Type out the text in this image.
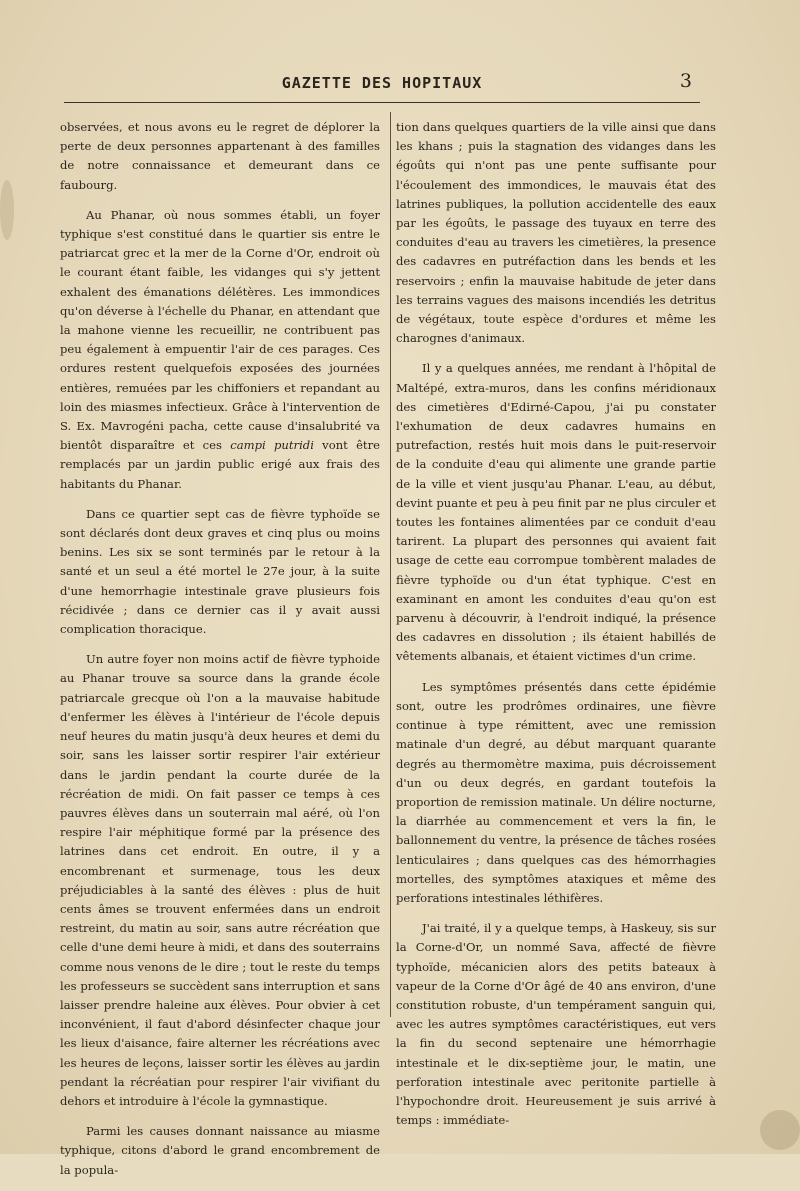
GAZETTE DES HOPITAUX	3

observées, et nous avons eu le regret de déplorer la perte de deux personnes appartenant à des familles de notre connaissance et demeurant dans ce faubourg.

Au Phanar, où nous sommes établi, un foyer typhique s'est constitué dans le quartier sis entre le patriarcat grec et la mer de la Corne d'Or, endroit où le courant étant faible, les vidanges qui s'y jettent exhalent des émanations délétères. Les immondices qu'on déverse à l'échelle du Phanar, en attendant que la mahone vienne les recueillir, ne contribuent pas peu également à empuentir l'air de ces parages. Ces ordures restent quelquefois exposées des journées entières, remuées par les chiffoniers et repandant au loin des miasmes infectieux. Grâce à l'intervention de S. Ex. Mavrogéni pacha, cette cause d'insalubrité va bientôt disparaître et ces campi putridi vont être remplacés par un jardin public erigé aux frais des habitants du Phanar.

Dans ce quartier sept cas de fièvre typhoïde se sont déclarés dont deux graves et cinq plus ou moins benins. Les six se sont terminés par le retour à la santé et un seul a été mortel le 27e jour, à la suite d'une hemorrhagie intestinale grave plusieurs fois récidivée ; dans ce dernier cas il y avait aussi complication thoracique.

Un autre foyer non moins actif de fièvre typhoide au Phanar trouve sa source dans la grande école patriarcale grecque où l'on a la mauvaise habitude d'enfermer les élèves à l'intérieur de l'école depuis neuf heures du matin jusqu'à deux heures et demi du soir, sans les laisser sortir respirer l'air extérieur dans le jardin pendant la courte durée de la récréation de midi. On fait passer ce temps à ces pauvres élèves dans un souterrain mal aéré, où l'on respire l'air méphitique formé par la présence des latrines dans cet endroit. En outre, il y a encombrenant et surmenage, tous les deux préjudiciables à la santé des élèves : plus de huit cents âmes se trouvent enfermées dans un endroit restreint, du matin au soir, sans autre récréation que celle d'une demi heure à midi, et dans des souterrains comme nous venons de le dire ; tout le reste du temps les professeurs se succèdent sans interruption et sans laisser prendre haleine aux élèves. Pour obvier à cet inconvénient, il faut d'abord désinfecter chaque jour les lieux d'aisance, faire alterner les récréations avec les heures de leçons, laisser sortir les élèves au jardin pendant la récréatian pour respirer l'air vivifiant du dehors et introduire à l'école la gymnastique.

Parmi les causes donnant naissance au miasme typhique, citons d'abord le grand encombrement de la popula-

tion dans quelques quartiers de la ville ainsi que dans les khans ; puis la stagnation des vidanges dans les égoûts qui n'ont pas une pente suffisante pour l'écoulement des immondices, le mauvais état des latrines publiques, la pollution accidentelle des eaux par les égoûts, le passage des tuyaux en terre des conduites d'eau au travers les cimetières, la presence des cadavres en putréfaction dans les bends et les reservoirs ; enfin la mauvaise habitude de jeter dans les terrains vagues des maisons incendiés les detritus de végétaux, toute espèce d'ordures et même les charognes d'animaux.

Il y a quelques années, me rendant à l'hôpital de Maltépé, extra-muros, dans les confins méridionaux des cimetières d'Edirné-Capou, j'ai pu constater l'exhumation de deux cadavres humains en putrefaction, restés huit mois dans le puit-reservoir de la conduite d'eau qui alimente une grande partie de la ville et vient jusqu'au Phanar. L'eau, au début, devint puante et peu à peu finit par ne plus circuler et toutes les fontaines alimentées par ce conduit d'eau tarirent. La plupart des personnes qui avaient fait usage de cette eau corrompue tombèrent malades de fièvre typhoïde ou d'un état typhique. C'est en examinant en amont les conduites d'eau qu'on est parvenu à découvrir, à l'endroit indiqué, la présence des cadavres en dissolution ; ils étaient habillés de vêtements albanais, et étaient victimes d'un crime.

Les symptômes présentés dans cette épidémie sont, outre les prodrômes ordinaires, une fièvre continue à type rémittent, avec une remission matinale d'un degré, au début marquant quarante degrés au thermomètre maxima, puis décroissement d'un ou deux degrés, en gardant toutefois la proportion de remission matinale. Un délire nocturne, la diarrhée au commencement et vers la fin, le ballonnement du ventre, la présence de tâches rosées lenticulaires ; dans quelques cas des hémorrhagies mortelles, des symptômes ataxiques et même des perforations intestinales léthifères.

J'ai traité, il y a quelque temps, à Haskeuy, sis sur la Corne-d'Or, un nommé Sava, affecté de fièvre typhoïde, mécanicien alors des petits bateaux à vapeur de la Corne d'Or âgé de 40 ans environ, d'une constitution robuste, d'un tempérament sanguin qui, avec les autres symptômes caractéristiques, eut vers la fin du second septenaire une hémorrhagie intestinale et le dix-septième jour, le matin, une perforation intestinale avec peritonite partielle à l'hypochondre droit. Heureusement je suis arrivé à temps : immédiate-
